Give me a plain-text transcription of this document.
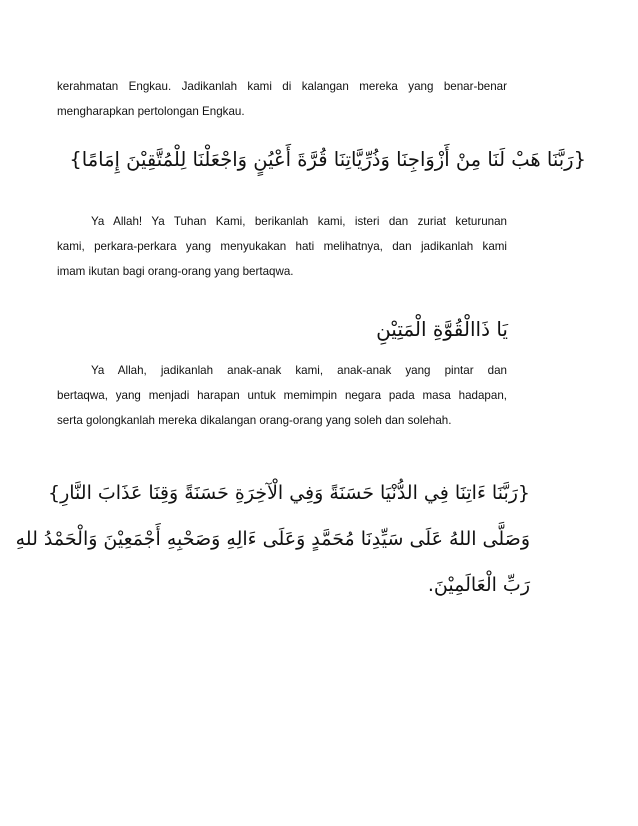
kerahmatan Engkau. Jadikanlah kami di kalangan mereka yang benar-benar
mengharapkan pertolongan Engkau.
{رَبَّنَا هَبْ لَنَا مِنْ أَزْوَاجِنَا وَذُرِّيَّاتِنَا قُرَّةَ أَعْيُنٍ وَاجْعَلْنَا لِلْمُتَّقِيْنَ إِمَامًا}
Ya Allah! Ya Tuhan Kami, berikanlah kami, isteri dan zuriat keturunan
kami, perkara-perkara yang menyukakan hati melihatnya, dan jadikanlah kami
imam ikutan bagi orang-orang yang bertaqwa.
يَا ذَاالْقُوَّةِ الْمَتِيْنِ
Ya Allah, jadikanlah anak-anak kami, anak-anak yang pintar dan
bertaqwa, yang menjadi harapan untuk memimpin negara pada masa hadapan,
serta golongkanlah mereka dikalangan orang-orang yang soleh dan solehah.
{رَبَّنَا ءَاتِنَا فِي الدُّنْيَا حَسَنَةً وَفِي الْآخِرَةِ حَسَنَةً وَقِنَا عَذَابَ النَّارِ}
وَصَلَّى اللهُ عَلَى سَيِّدِنَا مُحَمَّدٍ وَعَلَى ءَالِهِ وَصَحْبِهِ أَجْمَعِيْنَ وَالْحَمْدُ للهِ
رَبِّ الْعَالَمِيْنَ.
